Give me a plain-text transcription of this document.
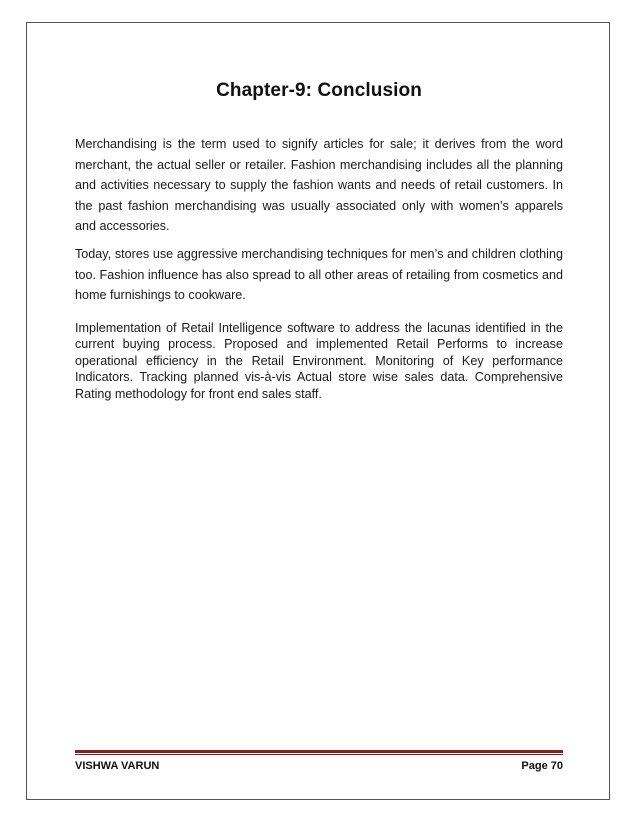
Chapter-9: Conclusion

Merchandising is the term used to signify articles for sale; it derives from the word merchant, the actual seller or retailer. Fashion merchandising includes all the planning and activities necessary to supply the fashion wants and needs of retail customers. In the past fashion merchandising was usually associated only with women’s apparels and accessories.

Today, stores use aggressive merchandising techniques for men’s and children clothing too. Fashion influence has also spread to all other areas of retailing from cosmetics and home furnishings to cookware.

Implementation of Retail Intelligence software to address the lacunas identified in the current buying process. Proposed and implemented Retail Performs to increase operational efficiency in the Retail Environment. Monitoring of Key performance Indicators. Tracking planned vis-à-vis Actual store wise sales data. Comprehensive Rating methodology for front end sales staff.

VISHWA VARUN	Page 70
